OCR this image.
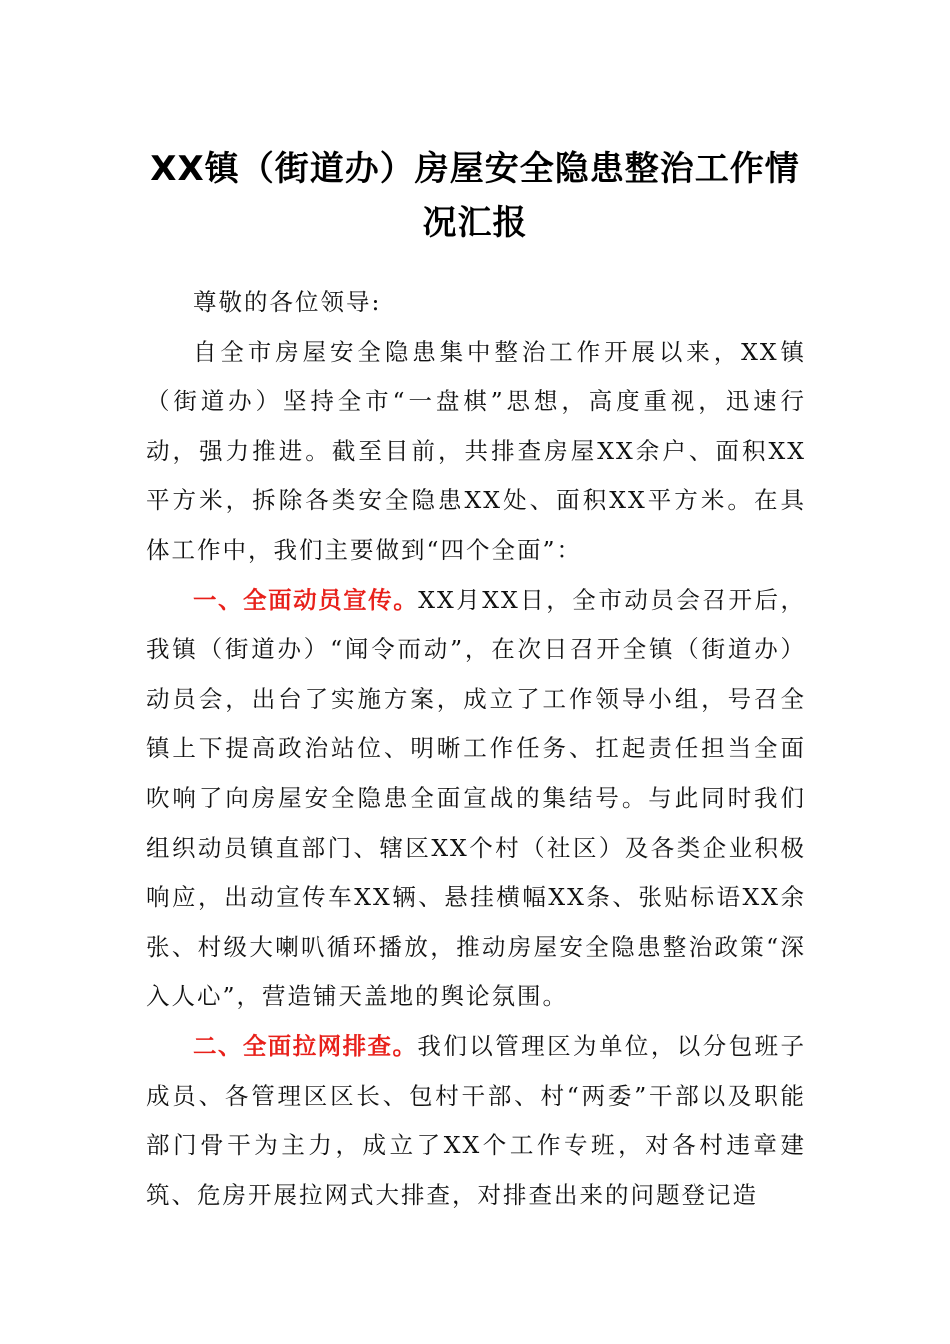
XX镇（街道办）房屋安全隐患整治工作情况汇报

尊敬的各位领导:

自全市房屋安全隐患集中整治工作开展以来，XX镇（街道办）坚持全市“一盘棋”思想，高度重视，迅速行动，强力推进。截至目前，共排查房屋XX余户、面积XX平方米，拆除各类安全隐患XX处、面积XX平方米。在具体工作中，我们主要做到“四个全面”：

一、全面动员宣传。XX月XX日，全市动员会召开后，我镇（街道办）“闻令而动”，在次日召开全镇（街道办）动员会，出台了实施方案，成立了工作领导小组，号召全镇上下提高政治站位、明晰工作任务、扛起责任担当全面吹响了向房屋安全隐患全面宣战的集结号。与此同时我们组织动员镇直部门、辖区XX个村（社区）及各类企业积极响应，出动宣传车XX辆、悬挂横幅XX条、张贴标语XX余张、村级大喇叭循环播放，推动房屋安全隐患整治政策“深入人心”，营造铺天盖地的舆论氛围。

二、全面拉网排查。我们以管理区为单位，以分包班子成员、各管理区区长、包村干部、村“两委”干部以及职能部门骨干为主力，成立了XX个工作专班，对各村违章建筑、危房开展拉网式大排查，对排查出来的问题登记造
